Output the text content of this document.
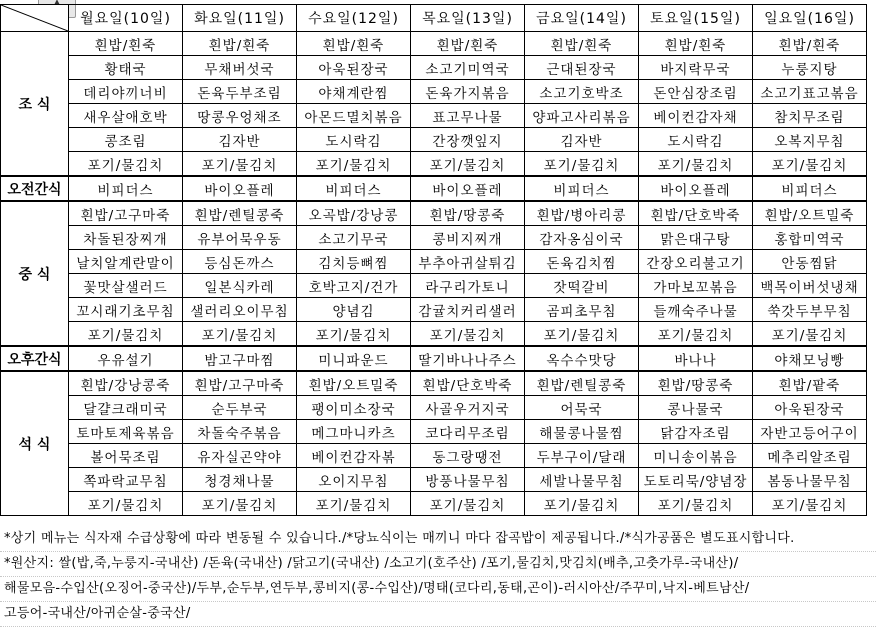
	월요일(10일)	화요일(11일)	수요일(12일)	목요일(13일)	금요일(14일)	토요일(15일)	일요일(16일)
조 식	흰밥/흰죽	흰밥/흰죽	흰밥/흰죽	흰밥/흰죽	흰밥/흰죽	흰밥/흰죽	흰밥/흰죽
	황태국	무채버섯국	아욱된장국	소고기미역국	근대된장국	바지락무국	누룽지탕
	데리야끼너비	돈육두부조림	야채계란찜	돈육가지볶음	소고기호박조	돈안심장조림	소고기표고볶음
	새우살애호박	땅콩우엉채조	아몬드멸치볶음	표고무나물	양파고사리볶음	베이컨감자채	참치무조림
	콩조림	김자반	도시락김	간장깻잎지	김자반	도시락김	오복지무침
	포기/물김치	포기/물김치	포기/물김치	포기/물김치	포기/물김치	포기/물김치	포기/물김치
오전간식	비피더스	바이오플레	비피더스	바이오플레	비피더스	바이오플레	비피더스
중 식	흰밥/고구마죽	흰밥/렌틸콩죽	오곡밥/강낭콩	흰밥/땅콩죽	흰밥/병아리콩	흰밥/단호박죽	흰밥/오트밀죽
	차돌된장찌개	유부어묵우동	소고기무국	콩비지찌개	감자옹심이국	맑은대구탕	홍합미역국
	날치알계란말이	등심돈까스	김치등뼈찜	부추아귀살튀김	돈육김치찜	간장오리불고기	안동찜닭
	꽃맛살샐러드	일본식카레	호박고지/건가	라구리가토니	잣떡갈비	가마보꼬볶음	백목이버섯냉채
	꼬시래기초무침	샐러리오이무침	양념김	감귤치커리샐러	곰피초무침	들깨숙주나물	쑥갓두부무침
	포기/물김치	포기/물김치	포기/물김치	포기/물김치	포기/물김치	포기/물김치	포기/물김치
오후간식	우유설기	밤고구마찜	미니파운드	딸기바나나주스	옥수수맛당	바나나	야채모닝빵
석 식	흰밥/강낭콩죽	흰밥/고구마죽	흰밥/오트밀죽	흰밥/단호박죽	흰밥/렌틸콩죽	흰밥/땅콩죽	흰밥/팥죽
	달걀크래미국	순두부국	팽이미소장국	사골우거지국	어묵국	콩나물국	아욱된장국
	토마토제육볶음	차돌숙주볶음	메그마니카츠	코다리무조림	해물콩나물찜	닭감자조림	자반고등어구이
	볼어묵조림	유자실곤약야	베이컨감자볶	동그랑땡전	두부구이/달래	미니송이볶음	메추리알조림
	쪽파락교무침	청경채나물	오이지무침	방풍나물무침	세발나물무침	도토리묵/양념장	봄동나물무침
	포기/물김치	포기/물김치	포기/물김치	포기/물김치	포기/물김치	포기/물김치	포기/물김치
*상기 메뉴는 식자재 수급상황에 따라 변동될 수 있습니다./*당뇨식이는 매끼니 마다 잡곡밥이 제공됩니다./*식가공품은 별도표시합니다.
*원산지: 쌀(밥,죽,누룽지-국내산) /돈육(국내산) /닭고기(국내산) /소고기(호주산) /포기,물김치,맛김치(배추,고춧가루-국내산)/
해물모음-수입산(오징어-중국산)/두부,순두부,연두부,콩비지(콩-수입산)/명태(코다리,동태,곤이)-러시아산/주꾸미,낙지-베트남산/
고등어-국내산/아귀순살-중국산/
